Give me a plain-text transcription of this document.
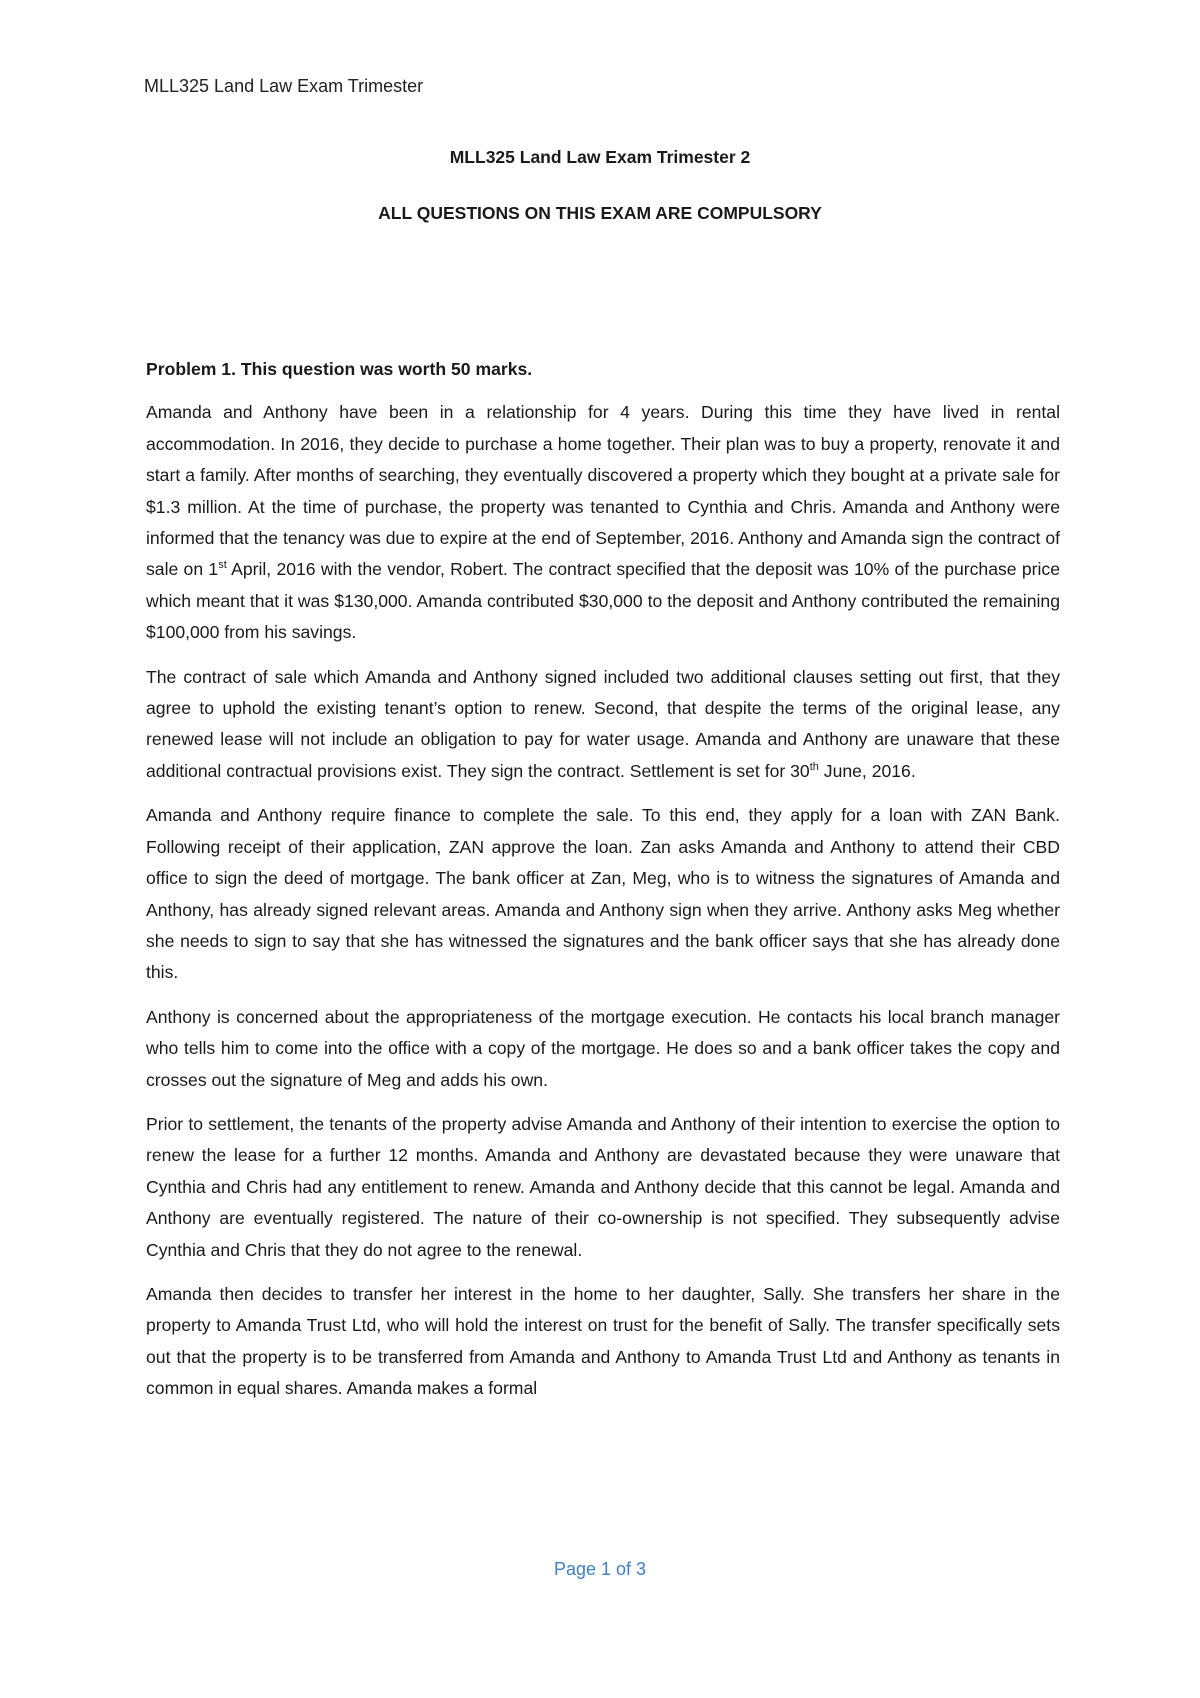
MLL325 Land Law Exam Trimester

MLL325 Land Law Exam Trimester 2

ALL QUESTIONS ON THIS EXAM ARE COMPULSORY

Problem 1. This question was worth 50 marks.

Amanda and Anthony have been in a relationship for 4 years. During this time they have lived in rental accommodation. In 2016, they decide to purchase a home together. Their plan was to buy a property, renovate it and start a family. After months of searching, they eventually discovered a property which they bought at a private sale for $1.3 million. At the time of purchase, the property was tenanted to Cynthia and Chris. Amanda and Anthony were informed that the tenancy was due to expire at the end of September, 2016. Anthony and Amanda sign the contract of sale on 1st April, 2016 with the vendor, Robert. The contract specified that the deposit was 10% of the purchase price which meant that it was $130,000. Amanda contributed $30,000 to the deposit and Anthony contributed the remaining $100,000 from his savings.

The contract of sale which Amanda and Anthony signed included two additional clauses setting out first, that they agree to uphold the existing tenant’s option to renew. Second, that despite the terms of the original lease, any renewed lease will not include an obligation to pay for water usage. Amanda and Anthony are unaware that these additional contractual provisions exist. They sign the contract. Settlement is set for 30th June, 2016.

Amanda and Anthony require finance to complete the sale. To this end, they apply for a loan with ZAN Bank. Following receipt of their application, ZAN approve the loan. Zan asks Amanda and Anthony to attend their CBD office to sign the deed of mortgage. The bank officer at Zan, Meg, who is to witness the signatures of Amanda and Anthony, has already signed relevant areas. Amanda and Anthony sign when they arrive. Anthony asks Meg whether she needs to sign to say that she has witnessed the signatures and the bank officer says that she has already done this.

Anthony is concerned about the appropriateness of the mortgage execution. He contacts his local branch manager who tells him to come into the office with a copy of the mortgage. He does so and a bank officer takes the copy and crosses out the signature of Meg and adds his own.

Prior to settlement, the tenants of the property advise Amanda and Anthony of their intention to exercise the option to renew the lease for a further 12 months. Amanda and Anthony are devastated because they were unaware that Cynthia and Chris had any entitlement to renew. Amanda and Anthony decide that this cannot be legal. Amanda and Anthony are eventually registered. The nature of their co-ownership is not specified. They subsequently advise Cynthia and Chris that they do not agree to the renewal.

Amanda then decides to transfer her interest in the home to her daughter, Sally. She transfers her share in the property to Amanda Trust Ltd, who will hold the interest on trust for the benefit of Sally. The transfer specifically sets out that the property is to be transferred from Amanda and Anthony to Amanda Trust Ltd and Anthony as tenants in common in equal shares. Amanda makes a formal

Page 1 of 3
